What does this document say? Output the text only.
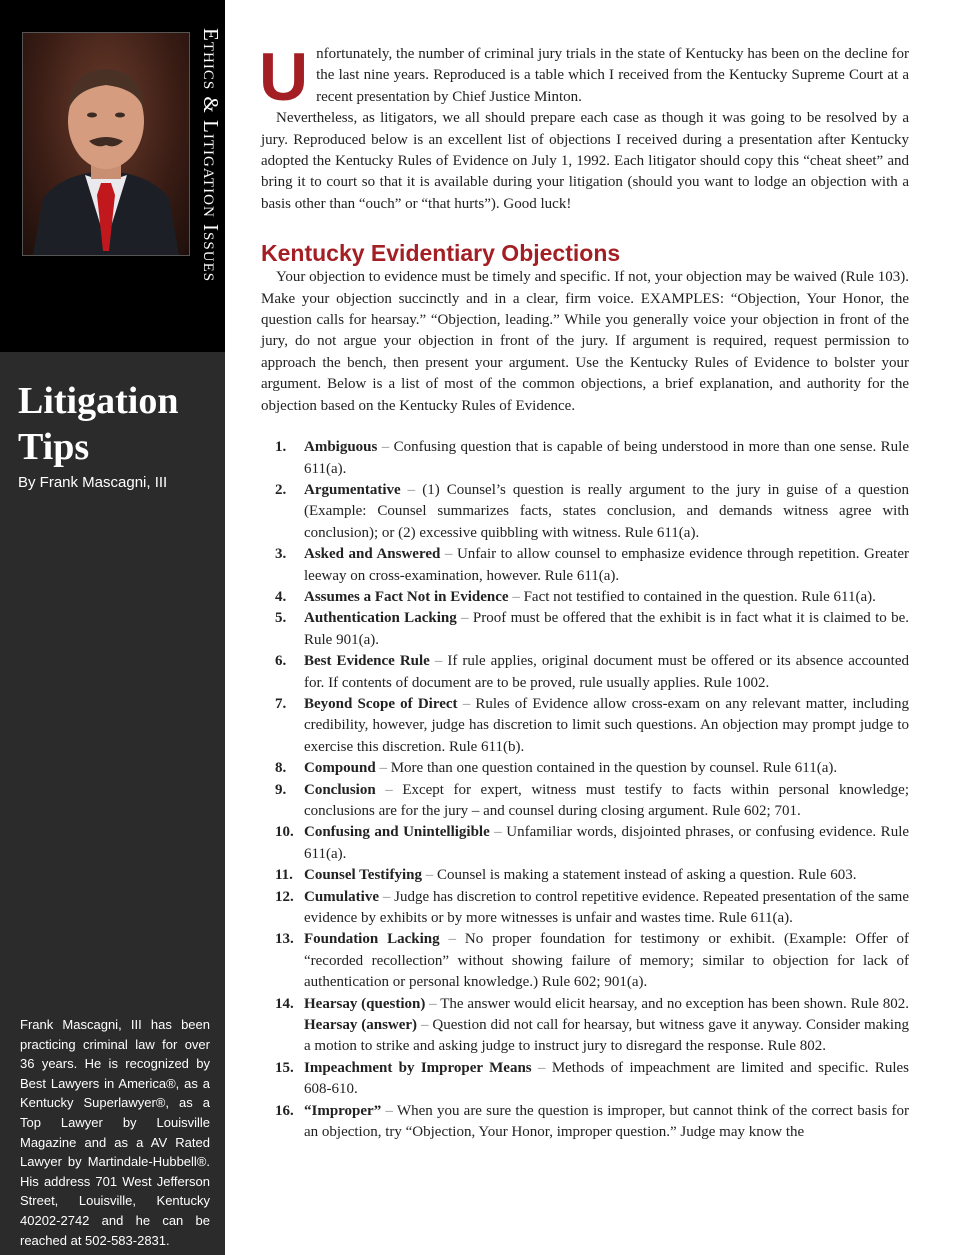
Ethics & Litigation Issues
Litigation Tips
By Frank Mascagni, III
Frank Mascagni, III has been practicing criminal law for over 36 years. He is recognized by Best Lawyers in America®, as a Kentucky Superlawyer®, as a Top Lawyer by Louisville Magazine and as a AV Rated Lawyer by Martindale-Hubbell®. His address 701 West Jefferson Street, Louisville, Kentucky 40202-2742 and he can be reached at 502-583-2831.

Unfortunately, the number of criminal jury trials in the state of Kentucky has been on the decline for the last nine years. Reproduced is a table which I received from the Kentucky Supreme Court at a recent presentation by Chief Justice Minton.

Nevertheless, as litigators, we all should prepare each case as though it was going to be resolved by a jury. Reproduced below is an excellent list of objections I received during a presentation after Kentucky adopted the Kentucky Rules of Evidence on July 1, 1992. Each litigator should copy this “cheat sheet” and bring it to court so that it is available during your litigation (should you want to lodge an objection with a basis other than “ouch” or “that hurts”). Good luck!

Kentucky Evidentiary Objections

Your objection to evidence must be timely and specific. If not, your objection may be waived (Rule 103). Make your objection succinctly and in a clear, firm voice. EXAMPLES: “Objection, Your Honor, the question calls for hearsay.” “Objection, leading.” While you generally voice your objection in front of the jury, do not argue your objection in front of the jury. If argument is required, request permission to approach the bench, then present your argument. Use the Kentucky Rules of Evidence to bolster your argument. Below is a list of most of the common objections, a brief explanation, and authority for the objection based on the Kentucky Rules of Evidence.

1. Ambiguous – Confusing question that is capable of being understood in more than one sense. Rule 611(a).
2. Argumentative – (1) Counsel’s question is really argument to the jury in guise of a question (Example: Counsel summarizes facts, states conclusion, and demands witness agree with conclusion); or (2) excessive quibbling with witness. Rule 611(a).
3. Asked and Answered – Unfair to allow counsel to emphasize evidence through repetition. Greater leeway on cross-examination, however. Rule 611(a).
4. Assumes a Fact Not in Evidence – Fact not testified to contained in the question. Rule 611(a).
5. Authentication Lacking – Proof must be offered that the exhibit is in fact what it is claimed to be. Rule 901(a).
6. Best Evidence Rule – If rule applies, original document must be offered or its absence accounted for. If contents of document are to be proved, rule usually applies. Rule 1002.
7. Beyond Scope of Direct – Rules of Evidence allow cross-exam on any relevant matter, including credibility, however, judge has discretion to limit such questions. An objection may prompt judge to exercise this discretion. Rule 611(b).
8. Compound – More than one question contained in the question by counsel. Rule 611(a).
9. Conclusion – Except for expert, witness must testify to facts within personal knowledge; conclusions are for the jury – and counsel during closing argument. Rule 602; 701.
10. Confusing and Unintelligible – Unfamiliar words, disjointed phrases, or confusing evidence. Rule 611(a).
11. Counsel Testifying – Counsel is making a statement instead of asking a question. Rule 603.
12. Cumulative – Judge has discretion to control repetitive evidence. Repeated presentation of the same evidence by exhibits or by more witnesses is unfair and wastes time. Rule 611(a).
13. Foundation Lacking – No proper foundation for testimony or exhibit. (Example: Offer of “recorded recollection” without showing failure of memory; similar to objection for lack of authentication or personal knowledge.) Rule 602; 901(a).
14. Hearsay (question) – The answer would elicit hearsay, and no exception has been shown. Rule 802. Hearsay (answer) – Question did not call for hearsay, but witness gave it anyway. Consider making a motion to strike and asking judge to instruct jury to disregard the response. Rule 802.
15. Impeachment by Improper Means – Methods of impeachment are limited and specific. Rules 608-610.
16. “Improper” – When you are sure the question is improper, but cannot think of the correct basis for an objection, try “Objection, Your Honor, improper question.” Judge may know the
